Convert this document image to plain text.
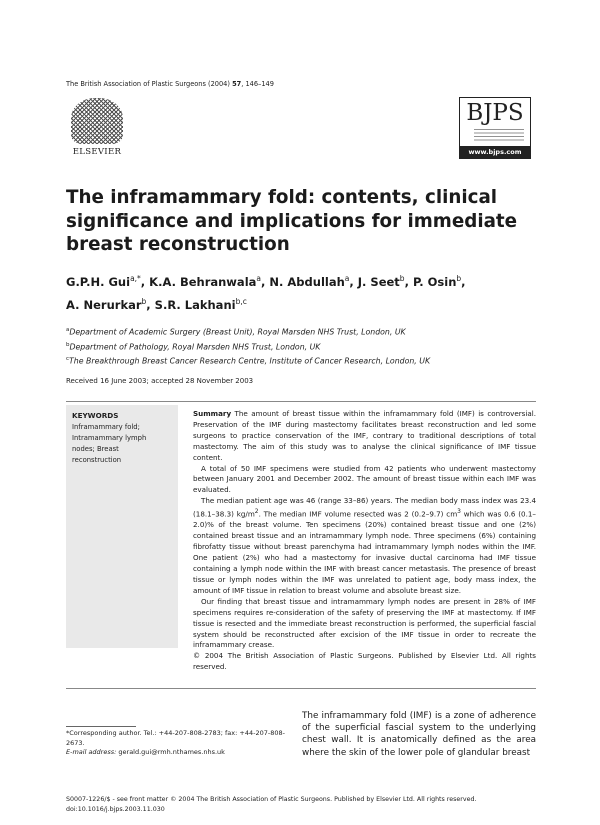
The British Association of Plastic Surgeons (2004) 57, 146–149
ELSEVIER
BJPS
www.bjps.com
The inframammary fold: contents, clinical significance and implications for immediate breast reconstruction
G.P.H. Gui$^{a,*}$, K.A. Behranwala$^a$, N. Abdullah$^a$, J. Seet$^b$, P. Osin$^b$,
A. Nerurkar$^b$, S.R. Lakhani$^{b,c}$
$^a$Department of Academic Surgery (Breast Unit), Royal Marsden NHS Trust, London, UK
$^b$Department of Pathology, Royal Marsden NHS Trust, London, UK
$^c$The Breakthrough Breast Cancer Research Centre, Institute of Cancer Research, London, UK
Received 16 June 2003; accepted 28 November 2003
KEYWORDS
Inframammary fold;
Intramammary lymph
nodes; Breast
reconstruction

Summary The amount of breast tissue within the inframammary fold (IMF) is controversial. Preservation of the IMF during mastectomy facilitates breast reconstruction and led some surgeons to practice conservation of the IMF, contrary to traditional descriptions of total mastectomy. The aim of this study was to analyse the clinical significance of IMF tissue content.

A total of 50 IMF specimens were studied from 42 patients who underwent mastectomy between January 2001 and December 2002. The amount of breast tissue within each IMF was evaluated.

The median patient age was 46 (range 33–86) years. The median body mass index was 23.4 (18.1–38.3) $kg/m^2$. The median IMF volume resected was 2 (0.2–9.7) $cm^3$ which was 0.6 (0.1–2.0)% of the breast volume. Ten specimens (20%) contained breast tissue and one (2%) contained breast tissue and an intramammary lymph node. Three specimens (6%) containing fibrofatty tissue without breast parenchyma had intramammary lymph nodes within the IMF. One patient (2%) who had a mastectomy for invasive ductal carcinoma had IMF tissue containing a lymph node within the IMF with breast cancer metastasis. The presence of breast tissue or lymph nodes within the IMF was unrelated to patient age, body mass index, the amount of IMF tissue in relation to breast volume and absolute breast size.

Our finding that breast tissue and intramammary lymph nodes are present in 28% of IMF specimens requires re-consideration of the safety of preserving the IMF at mastectomy. If IMF tissue is resected and the immediate breast reconstruction is performed, the superficial fascial system should be reconstructed after excision of the IMF tissue in order to recreate the inframammary crease.

© 2004 The British Association of Plastic Surgeons. Published by Elsevier Ltd. All rights reserved.

*Corresponding author. Tel.: +44-207-808-2783; fax: +44-207-808-2673.
E-mail address: gerald.gui@rmh.nthames.nhs.uk
The inframammary fold (IMF) is a zone of adherence of the superficial fascial system to the underlying chest wall. It is anatomically defined as the area where the skin of the lower pole of glandular breast
S0007-1226/$ - see front matter © 2004 The British Association of Plastic Surgeons. Published by Elsevier Ltd. All rights reserved.
doi:10.1016/j.bjps.2003.11.030
